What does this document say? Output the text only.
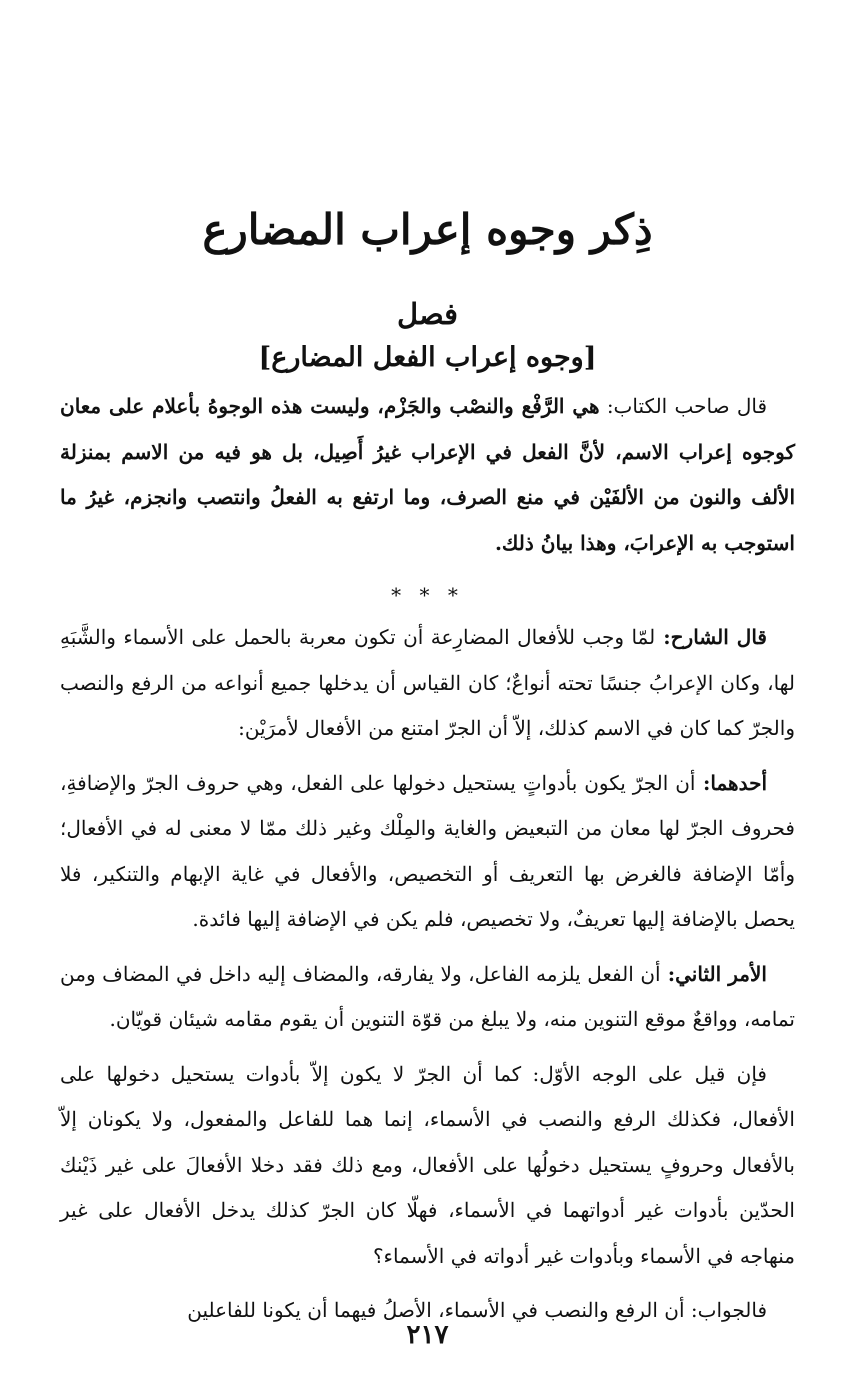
ذِكر وجوه إعراب المضارع
فصل
[وجوه إعراب الفعل المضارع]

قال صاحب الكتاب: هي الرَّفْع والنصْب والجَزْم، وليست هذه الوجوهُ بأعلام على معان كوجوه إعراب الاسم، لأنَّ الفعل في الإعراب غيرُ أَصِيل، بل هو فيه من الاسم بمنزلة الألف والنون من الألفَيْن في منع الصرف، وما ارتفع به الفعلُ وانتصب وانجزم، غيرُ ما استوجب به الإعرابَ، وهذا بيانُ ذلك.

* * *

قال الشارح: لمّا وجب للأفعال المضارِعة أن تكون معربة بالحمل على الأسماء والشَّبَهِ لها، وكان الإعرابُ جنسًا تحته أنواعٌ؛ كان القياس أن يدخلها جميع أنواعه من الرفع والنصب والجرّ كما كان في الاسم كذلك، إلاّ أن الجرّ امتنع من الأفعال لأمرَيْن:

أحدهما: أن الجرّ يكون بأدواتٍ يستحيل دخولها على الفعل، وهي حروف الجرّ والإضافةِ، فحروف الجرّ لها معان من التبعيض والغاية والمِلْك وغير ذلك ممّا لا معنى له في الأفعال؛ وأمّا الإضافة فالغرض بها التعريف أو التخصيص، والأفعال في غاية الإبهام والتنكير، فلا يحصل بالإضافة إليها تعريفٌ، ولا تخصيص، فلم يكن في الإضافة إليها فائدة.

الأمر الثاني: أن الفعل يلزمه الفاعل، ولا يفارقه، والمضاف إليه داخل في المضاف ومن تمامه، وواقعٌ موقع التنوين منه، ولا يبلغ من قوّة التنوين أن يقوم مقامه شيئان قويّان.

فإن قيل على الوجه الأوّل: كما أن الجرّ لا يكون إلاّ بأدوات يستحيل دخولها على الأفعال، فكذلك الرفع والنصب في الأسماء، إنما هما للفاعل والمفعول، ولا يكونان إلاّ بالأفعال وحروفٍ يستحيل دخولُها على الأفعال، ومع ذلك فقد دخلا الأفعالَ على غير ذَيْنك الحدّين بأدوات غير أدواتهما في الأسماء، فهلّا كان الجرّ كذلك يدخل الأفعال على غير منهاجه في الأسماء وبأدوات غير أدواته في الأسماء؟

فالجواب: أن الرفع والنصب في الأسماء، الأصلُ فيهما أن يكونا للفاعلين

٢١٧
